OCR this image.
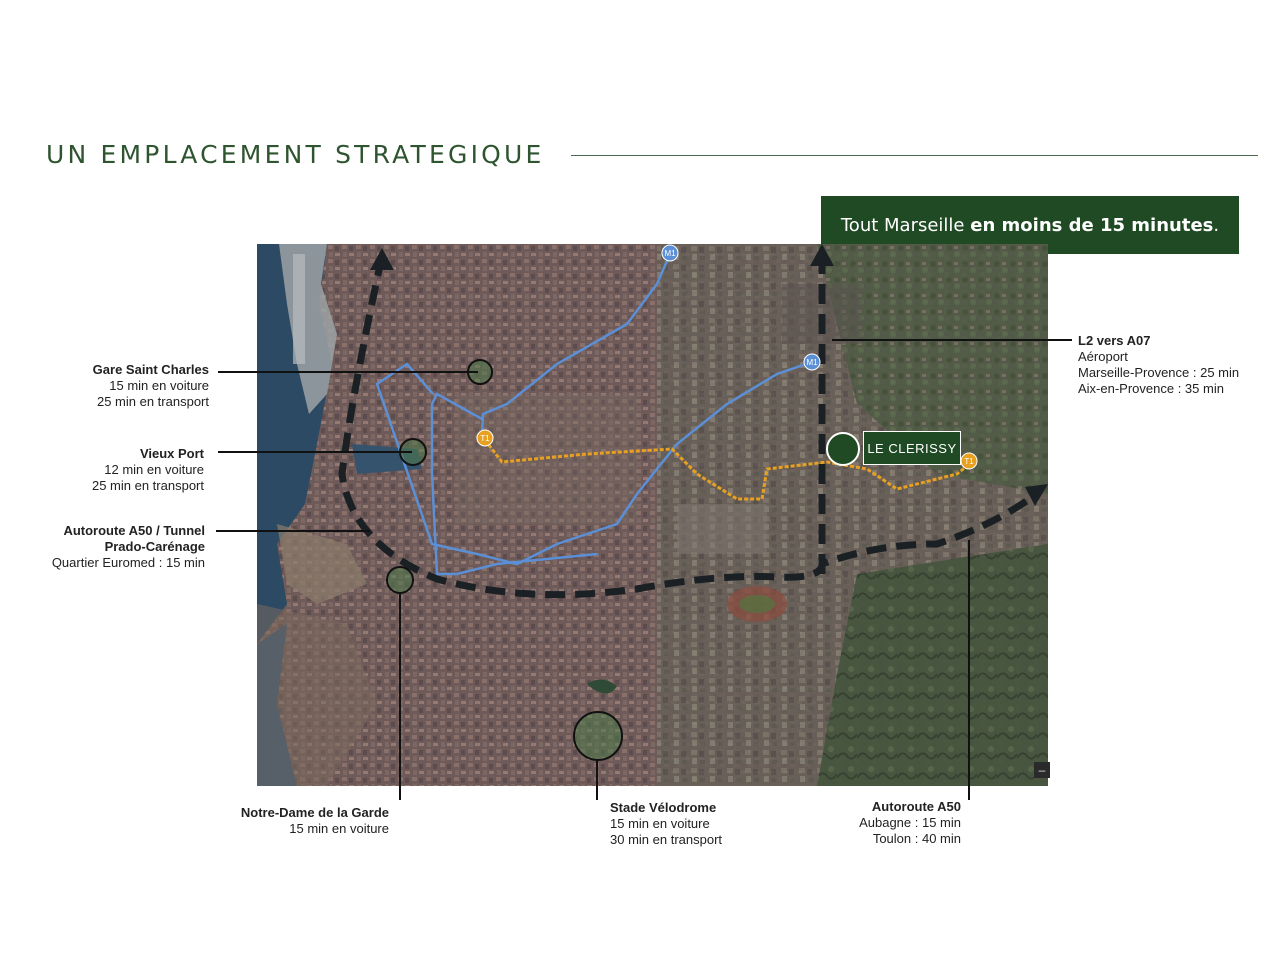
UN EMPLACEMENT STRATEGIQUE
Tout Marseille en moins de 15 minutes .
M1
M1
T1
T1
LE CLERISSY
–
Gare Saint Charles
15 min en voiture
25 min en transport
Vieux Port
12 min en voiture
25 min en transport
Autoroute A50 / Tunnel
Prado-Carénage
Quartier Euromed : 15 min
Notre-Dame de la Garde
15 min en voiture
Stade Vélodrome
15 min en voiture
30 min en transport
Autoroute A50
Aubagne : 15 min
Toulon : 40 min
L2 vers A07
Aéroport
Marseille-Provence : 25 min
Aix-en-Provence : 35 min
